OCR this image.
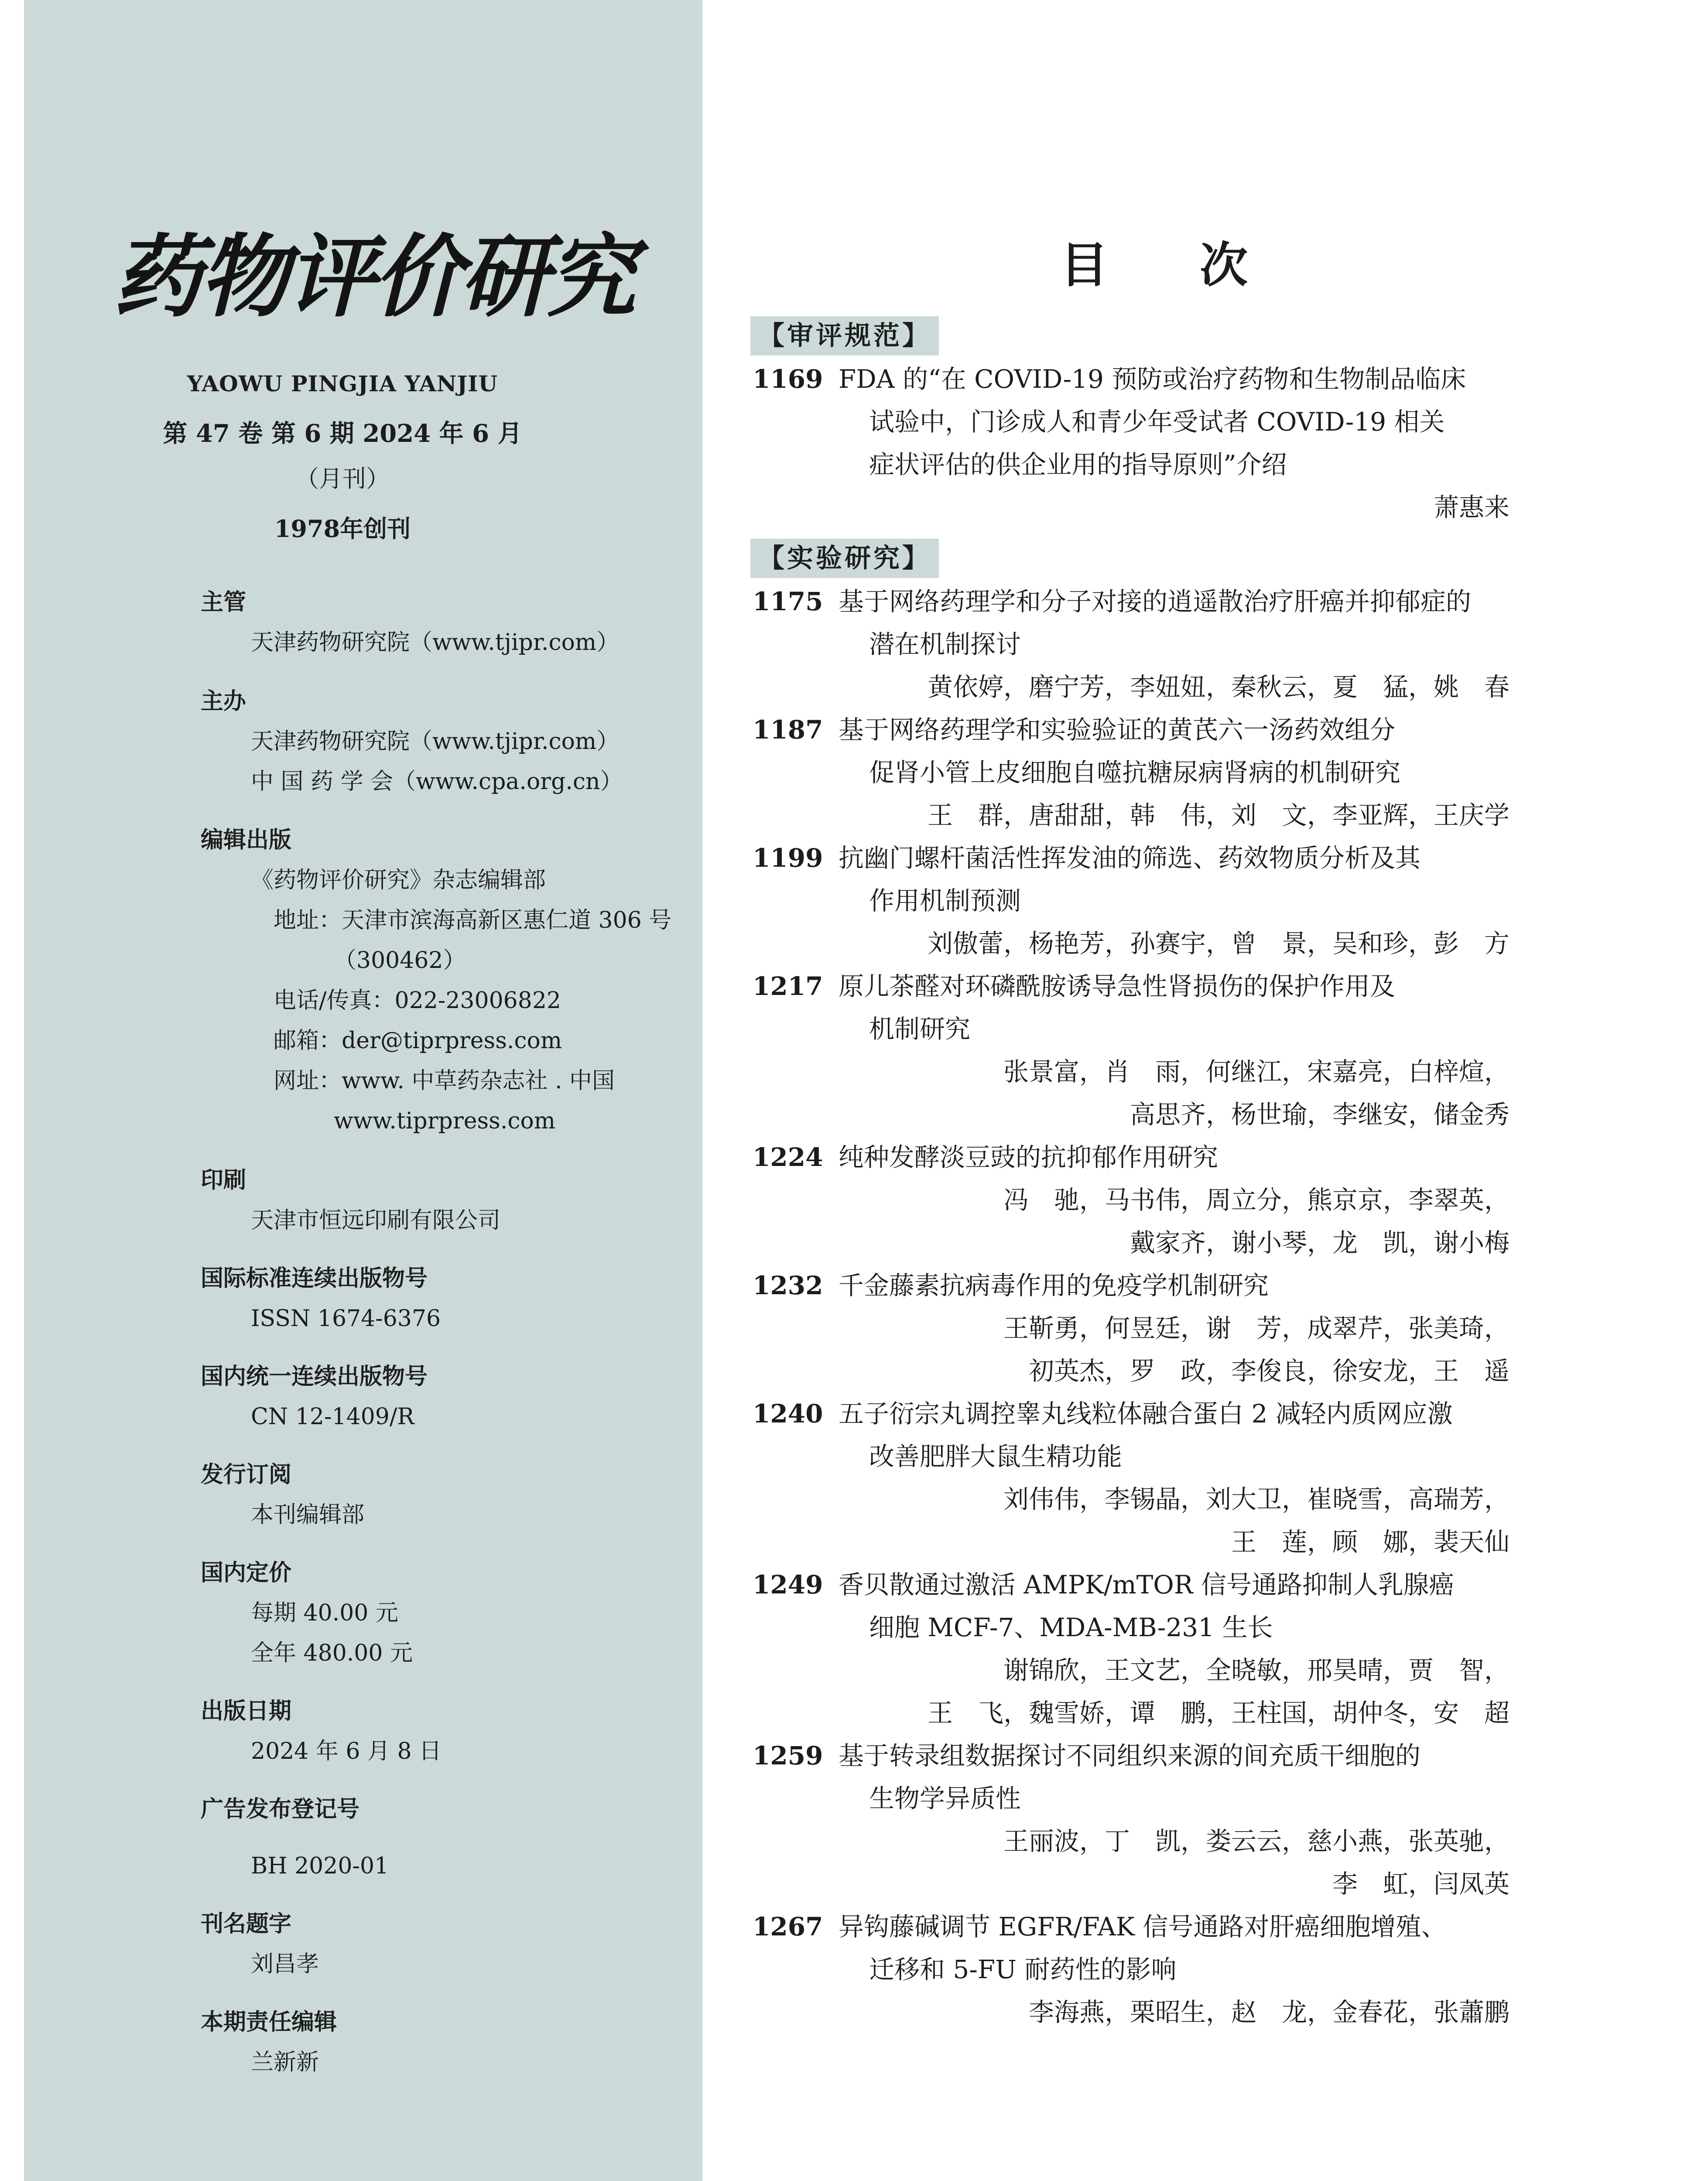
药物评价研究
YAOWU PINGJIA YANJIU
第 47 卷 第 6 期 2024 年 6 月
（月刊）
1978年创刊
主管
天津药物研究院（www.tjipr.com）
主办
天津药物研究院（www.tjipr.com）
中 国 药 学 会（www.cpa.org.cn）
编辑出版
《药物评价研究》杂志编辑部
　地址：天津市滨海高新区惠仁道 306 号
（300462）
　电话/传真：022-23006822
　邮箱：der@tiprpress.com
　网址：www. 中草药杂志社 . 中国
www.tiprpress.com
印刷
天津市恒远印刷有限公司
国际标准连续出版物号
ISSN 1674-6376
国内统一连续出版物号
CN 12-1409/R
发行订阅
本刊编辑部
国内定价
每期 40.00 元
全年 480.00 元
出版日期
2024 年 6 月 8 日
广告发布登记号
BH 2020-01
刊名题字
刘昌孝
本期责任编辑
兰新新
目次
【审评规范】
1169 FDA 的“在 COVID-19 预防或治疗药物和生物制品临床
试验中，门诊成人和青少年受试者 COVID-19 相关
症状评估的供企业用的指导原则”介绍
萧惠来
【实验研究】
1175 基于网络药理学和分子对接的逍遥散治疗肝癌并抑郁症的
潜在机制探讨
黄依婷，磨宁芳，李妞妞，秦秋云，夏　猛，姚　春
1187 基于网络药理学和实验验证的黄芪六一汤药效组分
促肾小管上皮细胞自噬抗糖尿病肾病的机制研究
王　群，唐甜甜，韩　伟，刘　文，李亚辉，王庆学
1199 抗幽门螺杆菌活性挥发油的筛选、药效物质分析及其
作用机制预测
刘傲蕾，杨艳芳，孙赛宇，曾　景，吴和珍，彭　方
1217 原儿茶醛对环磷酰胺诱导急性肾损伤的保护作用及
机制研究
张景富，肖　雨，何继江，宋嘉亮，白梓煊，
高思齐，杨世瑜，李继安，储金秀
1224 纯种发酵淡豆豉的抗抑郁作用研究
冯　驰，马书伟，周立分，熊京京，李翠英，
戴家齐，谢小琴，龙　凯，谢小梅
1232 千金藤素抗病毒作用的免疫学机制研究
王靳勇，何昱廷，谢　芳，成翠芹，张美琦，
初英杰，罗　政，李俊良，徐安龙，王　遥
1240 五子衍宗丸调控睾丸线粒体融合蛋白 2 减轻内质网应激
改善肥胖大鼠生精功能
刘伟伟，李锡晶，刘大卫，崔晓雪，高瑞芳，
王　莲，顾　娜，裴天仙
1249 香贝散通过激活 AMPK/mTOR 信号通路抑制人乳腺癌
细胞 MCF-7、MDA-MB-231 生长
谢锦欣，王文艺，全晓敏，邢昊晴，贾　智，
王　飞，魏雪娇，谭　鹏，王柱国，胡仲冬，安　超
1259 基于转录组数据探讨不同组织来源的间充质干细胞的
生物学异质性
王丽波，丁　凯，娄云云，慈小燕，张英驰，
李　虹，闫凤英
1267 异钩藤碱调节 EGFR/FAK 信号通路对肝癌细胞增殖、
迁移和 5-FU 耐药性的影响
李海燕，栗昭生，赵　龙，金春花，张蕭鹏
